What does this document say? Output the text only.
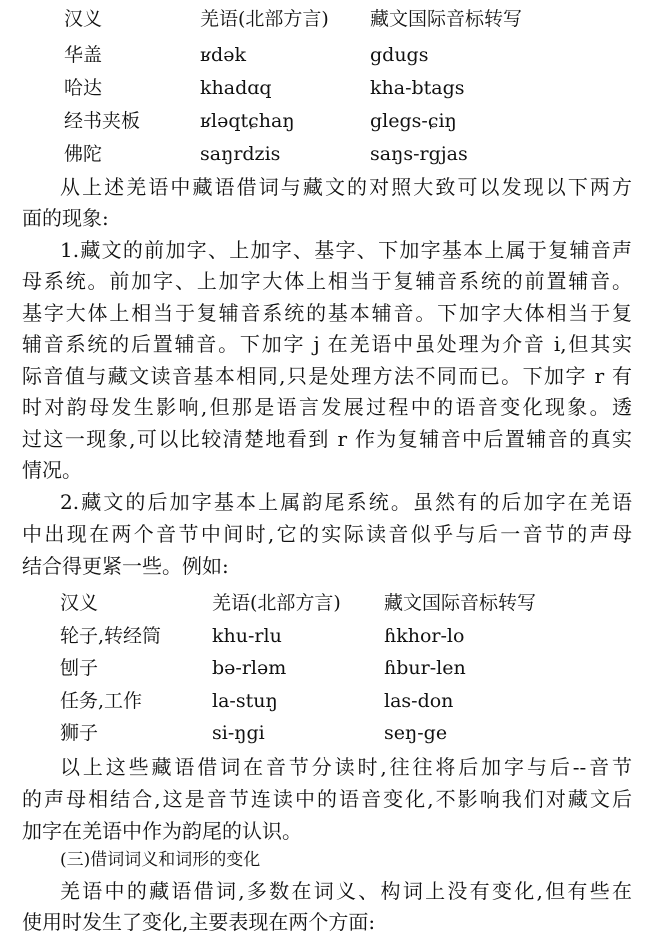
汉义	羌语(北部方言) 藏文国际音标转写
华盖	ʁdək	gdugs
哈达	khadɑq	kha-btags
经书夹板	ʁləqtɕhaŋ	glegs-ɕiŋ
佛陀	saŋrdzis	saŋs-rgjas
从上述羌语中藏语借词与藏文的对照大致可以发现以下两方
面的现象:
1.藏文的前加字、上加字、基字、下加字基本上属于复辅音声
母系统。前加字、上加字大体上相当于复辅音系统的前置辅音。
基字大体上相当于复辅音系统的基本辅音。下加字大体相当于复
辅音系统的后置辅音。下加字 j 在羌语中虽处理为介音 i,但其实
际音值与藏文读音基本相同,只是处理方法不同而已。下加字 r 有
时对韵母发生影响,但那是语言发展过程中的语音变化现象。透
过这一现象,可以比较清楚地看到 r 作为复辅音中后置辅音的真实
情况。
2.藏文的后加字基本上属韵尾系统。虽然有的后加字在羌语
中出现在两个音节中间时,它的实际读音似乎与后一音节的声母
结合得更紧一些。例如:
汉义	羌语(北部方言) 藏文国际音标转写
轮子,转经筒	khu-rlu	ɦkhor-lo
刨子	bə-rləm	ɦbur-len
任务,工作	la-stuŋ	las-don
狮子	si-ŋgi	seŋ-ge
以上这些藏语借词在音节分读时,往往将后加字与后--音节
的声母相结合,这是音节连读中的语音变化,不影响我们对藏文后
加字在羌语中作为韵尾的认识。
(三)借词词义和词形的变化
羌语中的藏语借词,多数在词义、构词上没有变化,但有些在
使用时发生了变化,主要表现在两个方面:
